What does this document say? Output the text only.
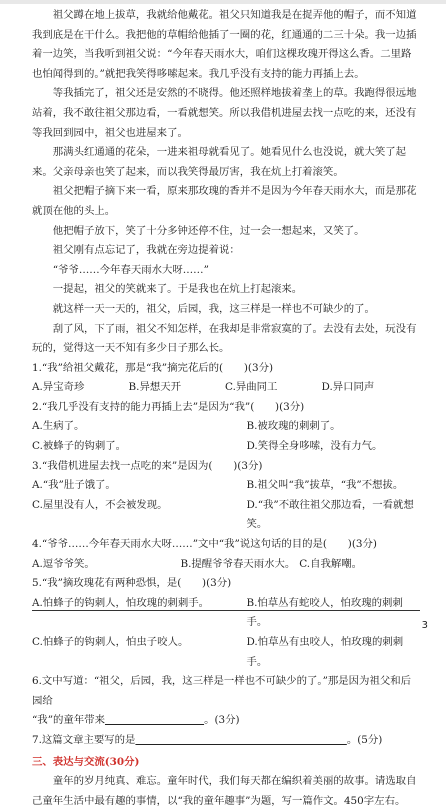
祖父蹲在地上拔草，我就给他戴花。祖父只知道我是在捉弄他的帽子，而不知道我到底是在干什么。我把他的草帽给他插了一圈的花，红通通的二三十朵。我一边插着一边笑，当我听到祖父说：“今年春天雨水大，咱们这棵玫瑰开得这么香。二里路也怕闻得到的。”就把我笑得哆嗦起来。我几乎没有支持的能力再插上去。

等我插完了，祖父还是安然的不晓得。他还照样地拔着垄上的草。我跑得很远地站着，我不敢往祖父那边看，一看就想笑。所以我借机进屋去找一点吃的来，还没有等我回到园中，祖父也进屋来了。

那满头红通通的花朵，一进来祖母就看见了。她看见什么也没说，就大笑了起来。父亲母亲也笑了起来，而以我笑得最厉害，我在炕上打着滚笑。

祖父把帽子摘下来一看，原来那玫瑰的香并不是因为今年春天雨水大，而是那花就顶在他的头上。

他把帽子放下，笑了十分多钟还停不住，过一会一想起来，又笑了。

祖父刚有点忘记了，我就在旁边提着说：

“爷爷……今年春天雨水大呀……”

一提起，祖父的笑就来了。于是我也在炕上打起滚来。

就这样一天一天的，祖父，后园，我，这三样是一样也不可缺少的了。

刮了风，下了雨，祖父不知怎样，在我却是非常寂寞的了。去没有去处，玩没有玩的，觉得这一天不知有多少日子那么长。

1.“我”给祖父戴花，那是“我”摘完花后的(　　)(3分)

A.异宝奇珍	B.异想天开	C.异曲同工	D.异口同声

2.“我几乎没有支持的能力再插上去”是因为“我”(　　)(3分)

A.生病了。	B.被玫瑰的刺刺了。
C.被蜂子的钩刺了。	D.笑得全身哆嗦，没有力气。

3.“我借机进屋去找一点吃的来”是因为(　　)(3分)

A.“我”肚子饿了。	B.祖父叫“我”拔草，“我”不想拔。
C.屋里没有人，不会被发现。	D.“我”不敢往祖父那边看，一看就想笑。

4.“爷爷……今年春天雨水大呀……”文中“我”说这句话的目的是(　　)(3分)

A.逗爷爷笑。	B.提醒爷爷春天雨水大。 C.自我解嘲。

5.“我”摘玫瑰花有两种恐惧，是(　　)(3分)

A.怕蜂子的钩刺人，怕玫瑰的刺刺手。	B.怕草丛有蛇咬人，怕玫瑰的刺刺手。
C.怕蜂子的钩刺人，怕虫子咬人。	D.怕草丛有虫咬人，怕玫瑰的刺刺手。

6.文中写道：“祖父，后园，我，这三样是一样也不可缺少的了。”那是因为祖父和后园给

“我”的童年带来	。(3分)

7.这篇文章主要写的是	。(5分)

三、表达与交流(30分)

童年的岁月纯真、难忘。童年时代，我们每天都在编织着美丽的故事。请选取自己童年生活中最有趣的事情，以“我的童年趣事”为题，写一篇作文。450字左右。

3
